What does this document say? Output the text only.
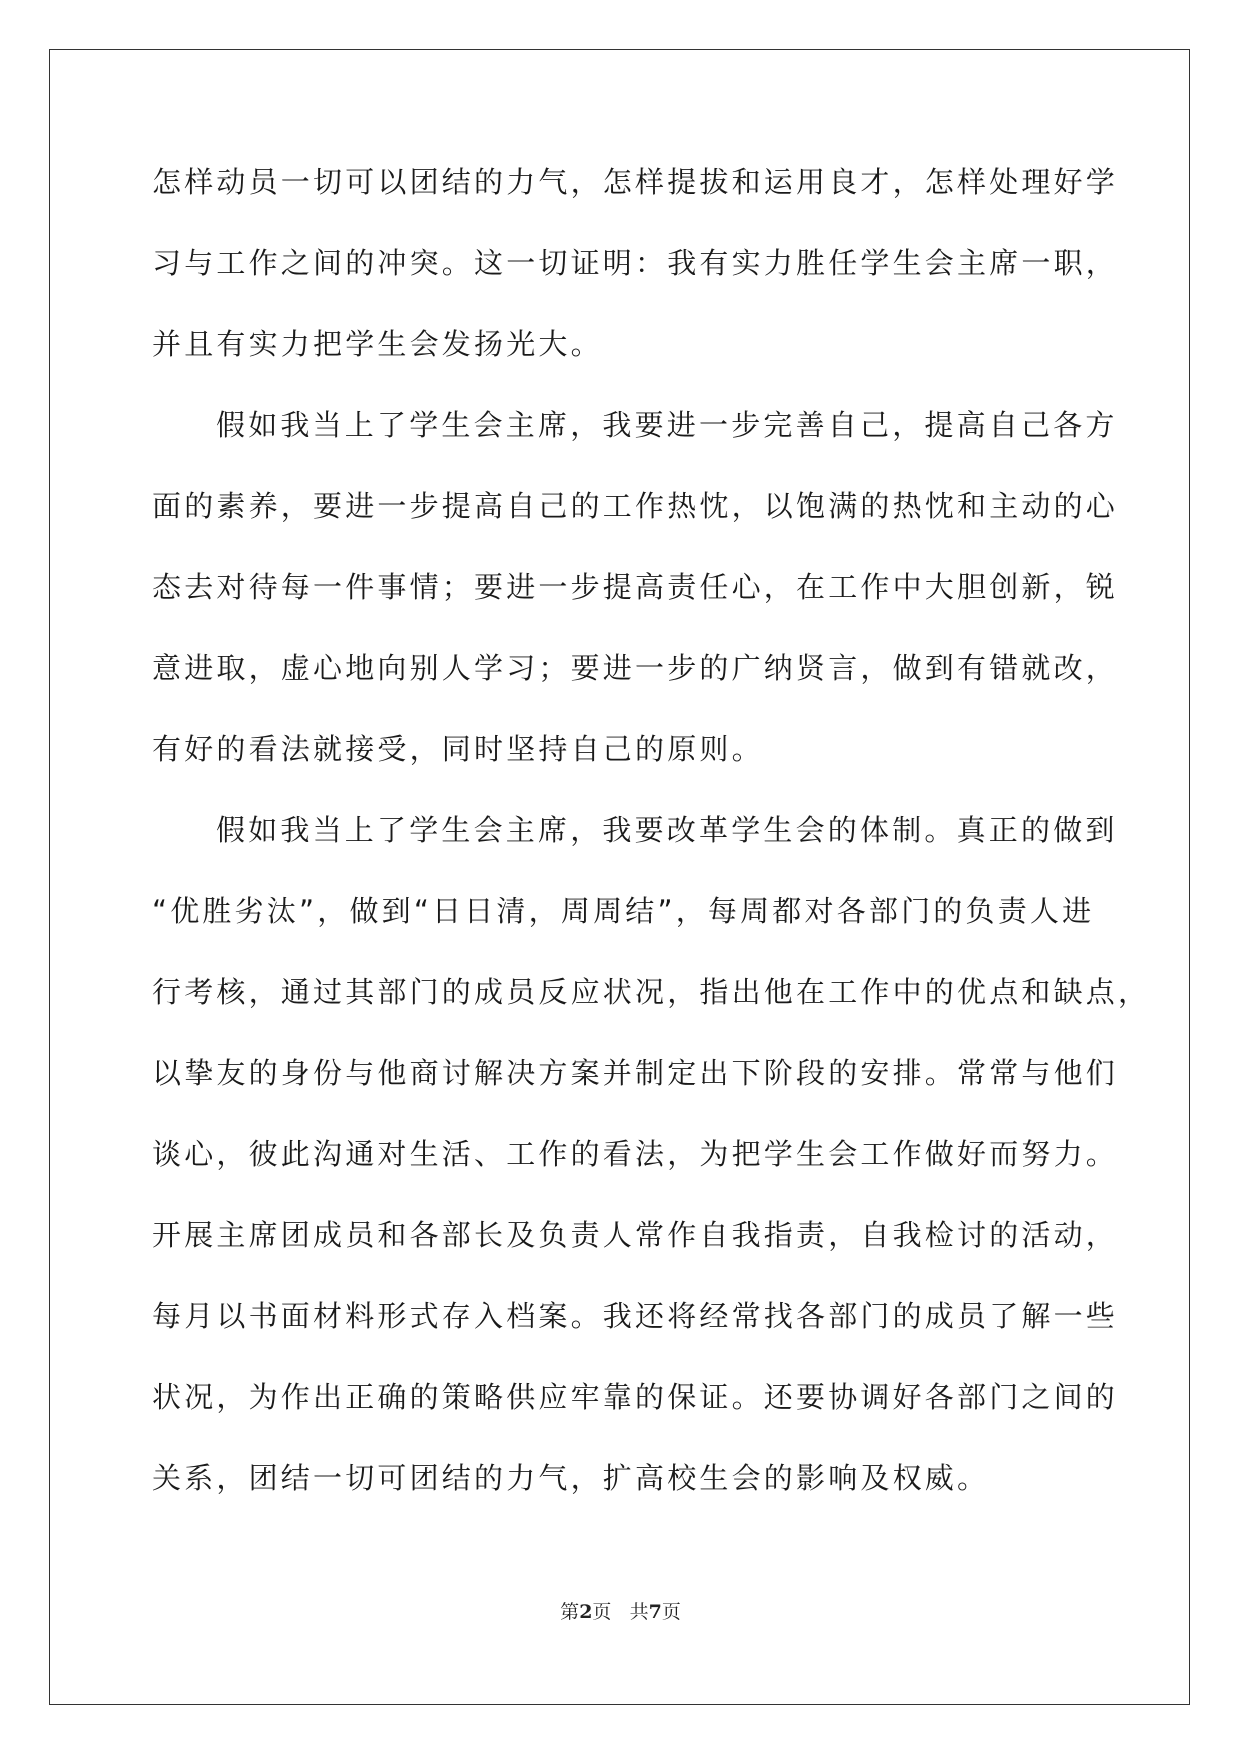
怎样动员一切可以团结的力气，怎样提拔和运用良才，怎样处理好学
习与工作之间的冲突。这一切证明：我有实力胜任学生会主席一职，
并且有实力把学生会发扬光大。
假如我当上了学生会主席，我要进一步完善自己，提高自己各方
面的素养，要进一步提高自己的工作热忱，以饱满的热忱和主动的心
态去对待每一件事情；要进一步提高责任心，在工作中大胆创新，锐
意进取，虚心地向别人学习；要进一步的广纳贤言，做到有错就改，
有好的看法就接受，同时坚持自己的原则。
假如我当上了学生会主席，我要改革学生会的体制。真正的做到
“优胜劣汰”，做到“日日清，周周结”，每周都对各部门的负责人进
行考核，通过其部门的成员反应状况，指出他在工作中的优点和缺点，
以挚友的身份与他商讨解决方案并制定出下阶段的安排。常常与他们
谈心，彼此沟通对生活、工作的看法，为把学生会工作做好而努力。
开展主席团成员和各部长及负责人常作自我指责，自我检讨的活动，
每月以书面材料形式存入档案。我还将经常找各部门的成员了解一些
状况，为作出正确的策略供应牢靠的保证。还要协调好各部门之间的
关系，团结一切可团结的力气，扩高校生会的影响及权威。
第2页 共7页
